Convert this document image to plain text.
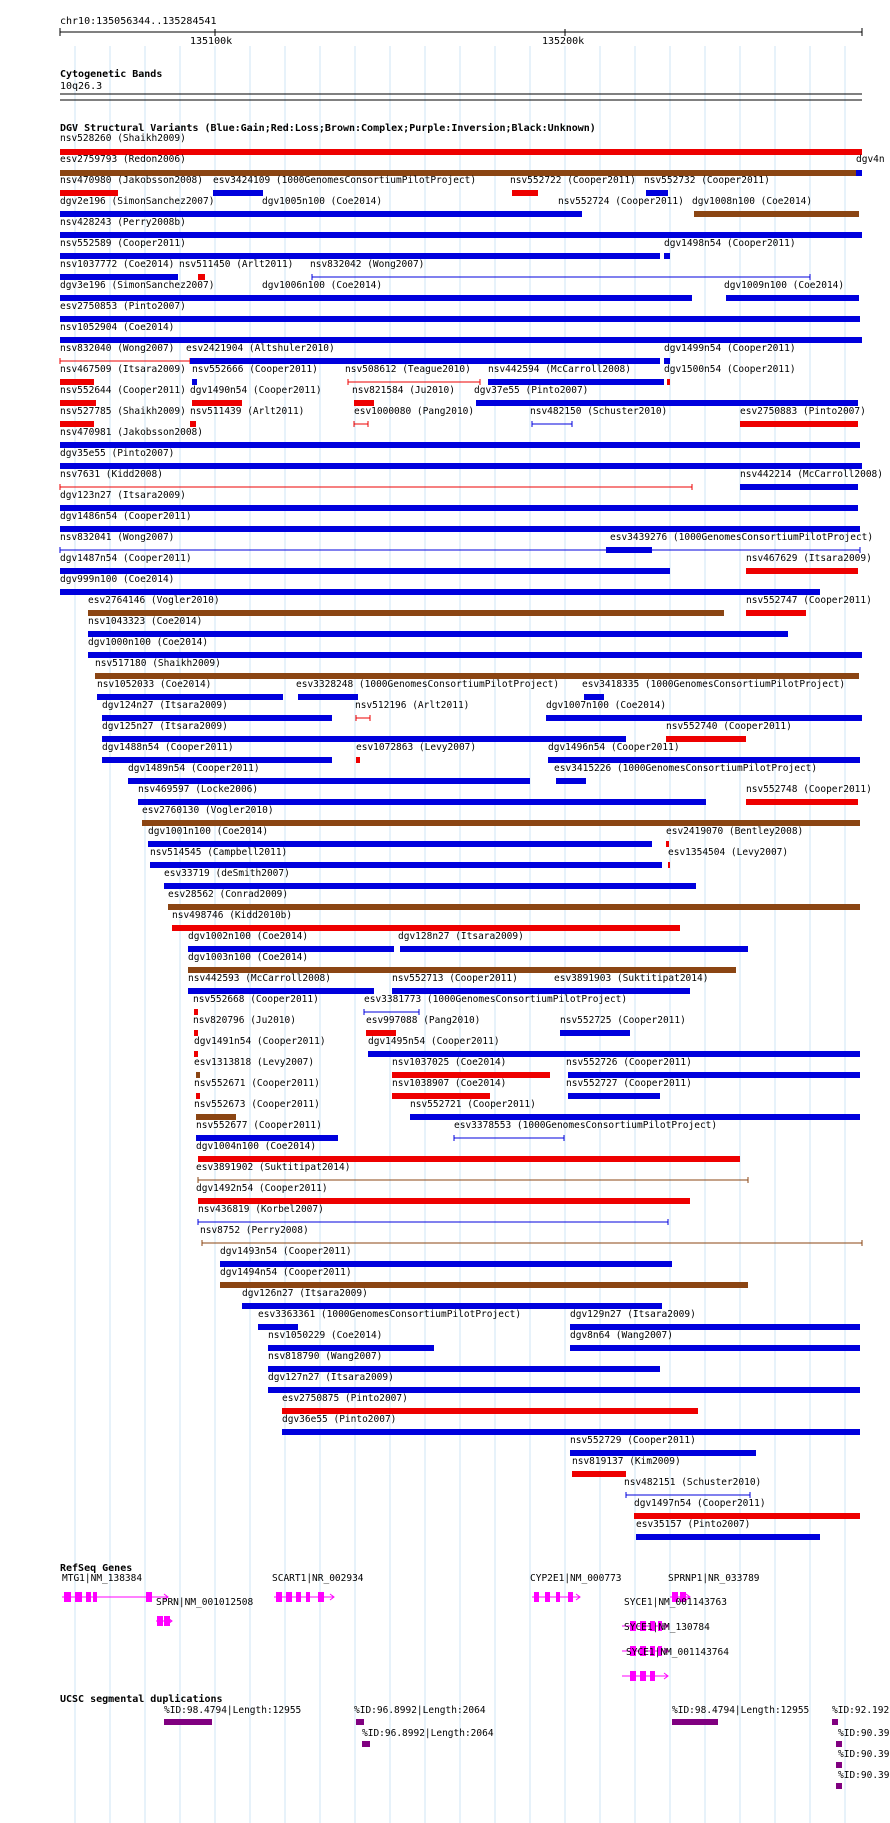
chr10:135056344..135284541
135100k	135200k
Cytogenetic Bands
10q26.3
DGV Structural Variants (Blue:Gain;Red:Loss;Brown:Complex;Purple:Inversion;Black:Unknown)
nsv528260 (Shaikh2009)
esv2759793 (Redon2006)	dgv4n
nsv470980 (Jakobsson2008) esv3424109 (1000GenomesConsortiumPilotProject)	nsv552722 (Cooper2011) nsv552732 (Cooper2011)
dgv2e196 (SimonSanchez2007)	dgv1005n100 (Coe2014)	nsv552724 (Cooper2011) dgv1008n100 (Coe2014)
nsv428243 (Perry2008b)
nsv552589 (Cooper2011)	dgv1498n54 (Cooper2011)
nsv1037772 (Coe2014) nsv511450 (Arlt2011) nsv832042 (Wong2007)
dgv3e196 (SimonSanchez2007)	dgv1006n100 (Coe2014)	dgv1009n100 (Coe2014)
esv2750853 (Pinto2007)
nsv1052904 (Coe2014)
nsv832040 (Wong2007) esv2421904 (Altshuler2010)	dgv1499n54 (Cooper2011)
nsv467509 (Itsara2009) nsv552666 (Cooper2011)	nsv508612 (Teague2010) nsv442594 (McCarroll2008)	dgv1500n54 (Cooper2011)
nsv552644 (Cooper2011) dgv1490n54 (Cooper2011)	nsv821584 (Ju2010) dgv37e55 (Pinto2007)
nsv527785 (Shaikh2009) nsv511439 (Arlt2011)	esv1000080 (Pang2010)	nsv482150 (Schuster2010)	esv2750883 (Pinto2007)
nsv470981 (Jakobsson2008)
dgv35e55 (Pinto2007)
nsv7631 (Kidd2008)	nsv442214 (McCarroll2008)
dgv123n27 (Itsara2009)
dgv1486n54 (Cooper2011)
nsv832041 (Wong2007)	esv3439276 (1000GenomesConsortiumPilotProject)
dgv1487n54 (Cooper2011)	nsv467629 (Itsara2009)
dgv999n100 (Coe2014)
esv2764146 (Vogler2010)	nsv552747 (Cooper2011)
nsv1043323 (Coe2014)
dgv1000n100 (Coe2014)
nsv517180 (Shaikh2009)
nsv1052033 (Coe2014)	esv3328248 (1000GenomesConsortiumPilotProject) esv3418335 (1000GenomesConsortiumPilotProject)
dgv124n27 (Itsara2009)	nsv512196 (Arlt2011)	dgv1007n100 (Coe2014)
dgv125n27 (Itsara2009)	nsv552740 (Cooper2011)
dgv1488n54 (Cooper2011)	esv1072863 (Levy2007)	dgv1496n54 (Cooper2011)
dgv1489n54 (Cooper2011)	esv3415226 (1000GenomesConsortiumPilotProject)
nsv469597 (Locke2006)	nsv552748 (Cooper2011)
esv2760130 (Vogler2010)
dgv1001n100 (Coe2014)	esv2419070 (Bentley2008)
nsv514545 (Campbell2011)	esv1354504 (Levy2007)
esv33719 (deSmith2007)
esv28562 (Conrad2009)
nsv498746 (Kidd2010b)
dgv1002n100 (Coe2014)	dgv128n27 (Itsara2009)
dgv1003n100 (Coe2014)
nsv442593 (McCarroll2008)	nsv552713 (Cooper2011)	esv3891903 (Suktitipat2014)
nsv552668 (Cooper2011)	esv3381773 (1000GenomesConsortiumPilotProject)
nsv820796 (Ju2010)	esv997088 (Pang2010)	nsv552725 (Cooper2011)
dgv1491n54 (Cooper2011)	dgv1495n54 (Cooper2011)
esv1313818 (Levy2007)	nsv1037025 (Coe2014)	nsv552726 (Cooper2011)
nsv552671 (Cooper2011)	nsv1038907 (Coe2014)	nsv552727 (Cooper2011)
nsv552673 (Cooper2011)	nsv552721 (Cooper2011)
nsv552677 (Cooper2011)	esv3378553 (1000GenomesConsortiumPilotProject)
dgv1004n100 (Coe2014)
esv3891902 (Suktitipat2014)
dgv1492n54 (Cooper2011)
nsv436819 (Korbel2007)
nsv8752 (Perry2008)
dgv1493n54 (Cooper2011)
dgv1494n54 (Cooper2011)
dgv126n27 (Itsara2009)
esv3363361 (1000GenomesConsortiumPilotProject)	dgv129n27 (Itsara2009)
nsv1050229 (Coe2014)	dgv8n64 (Wang2007)
nsv818790 (Wang2007)
dgv127n27 (Itsara2009)
esv2750875 (Pinto2007)
dgv36e55 (Pinto2007)
nsv552729 (Cooper2011)
nsv819137 (Kim2009)
nsv482151 (Schuster2010)
dgv1497n54 (Cooper2011)
esv35157 (Pinto2007)
RefSeq Genes
MTG1|NM_138384	SCART1|NR_002934	CYP2E1|NM_000773	SPRNP1|NR_033789
SPRN|NM_001012508	SYCE1|NM_001143763
SYCE1|NM_130784
SYCE1|NM_001143764
UCSC segmental duplications
%ID:98.4794|Length:12955	%ID:96.8992|Length:2064	%ID:98.4794|Length:12955 %ID:92.192
%ID:96.8992|Length:2064	%ID:90.39
%ID:90.39
%ID:90.39
